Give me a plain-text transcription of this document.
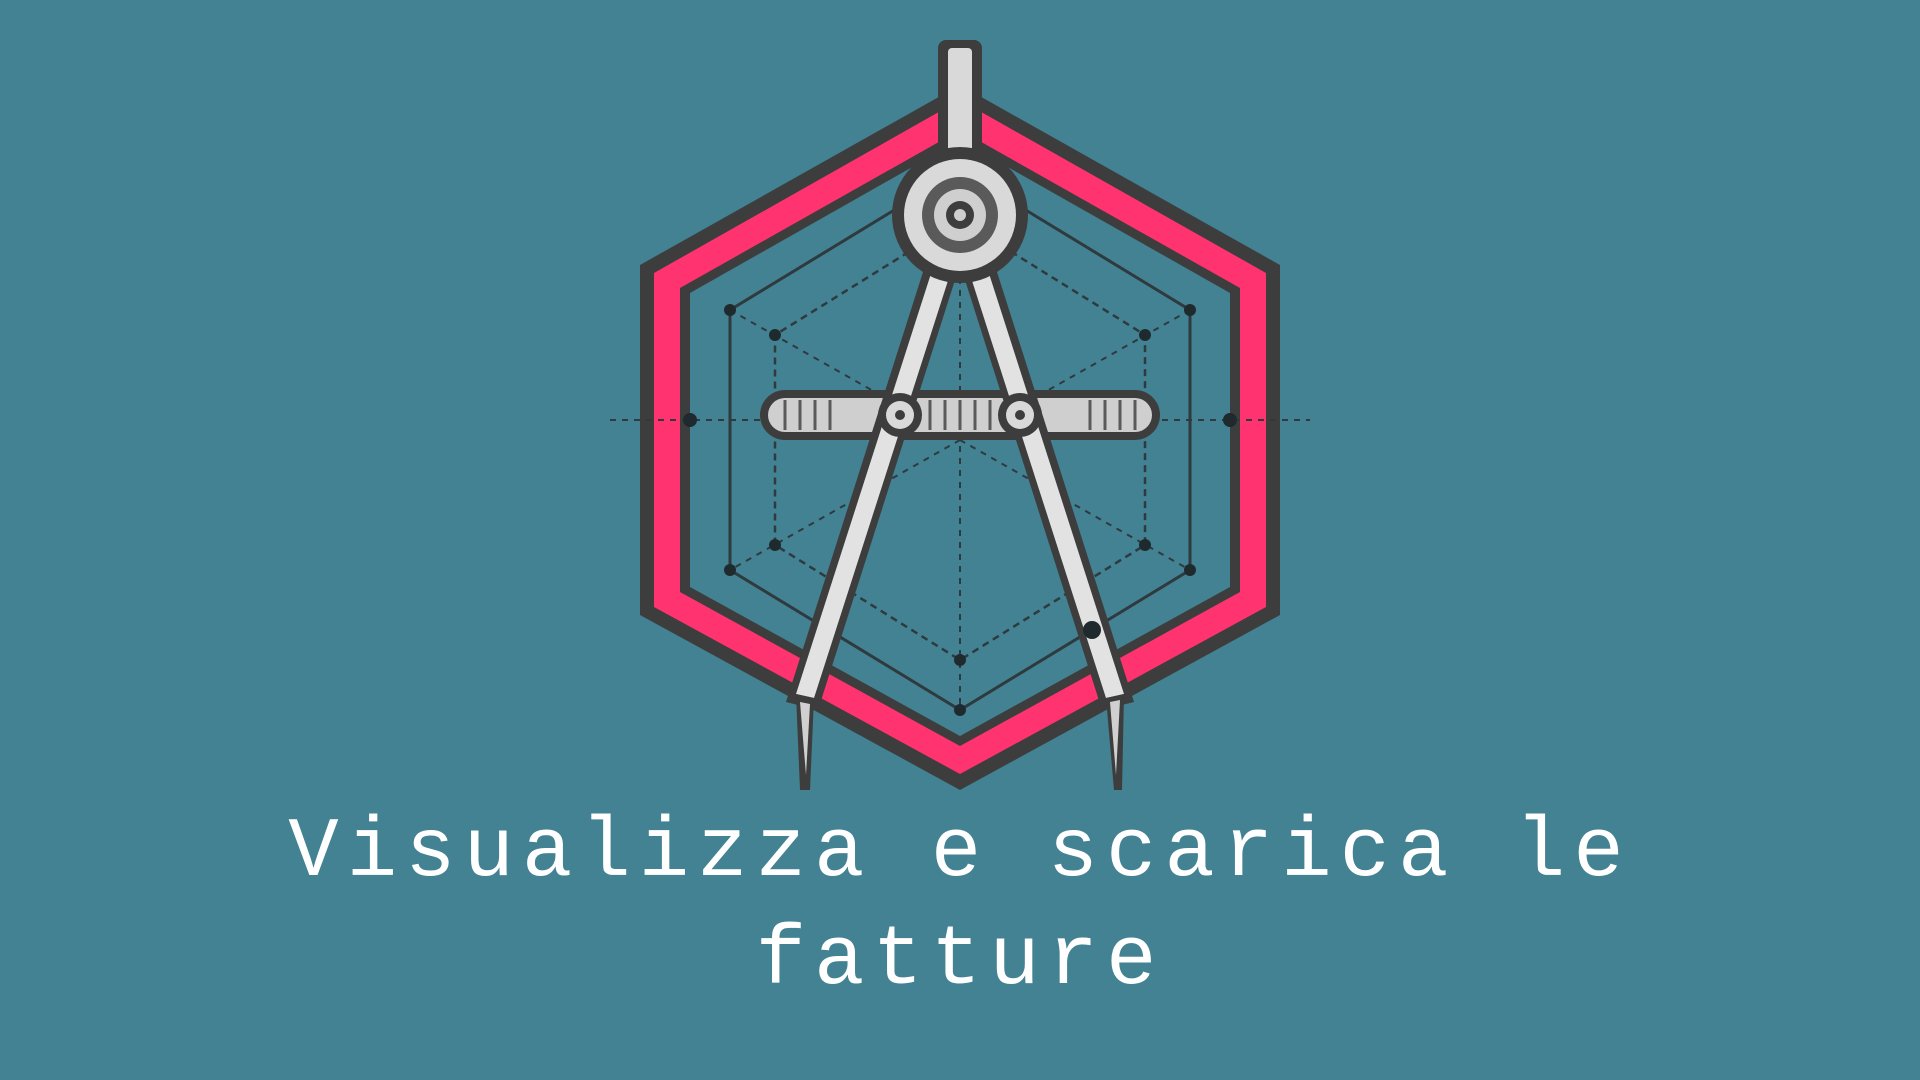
Visualizza e scarica le
fatture
